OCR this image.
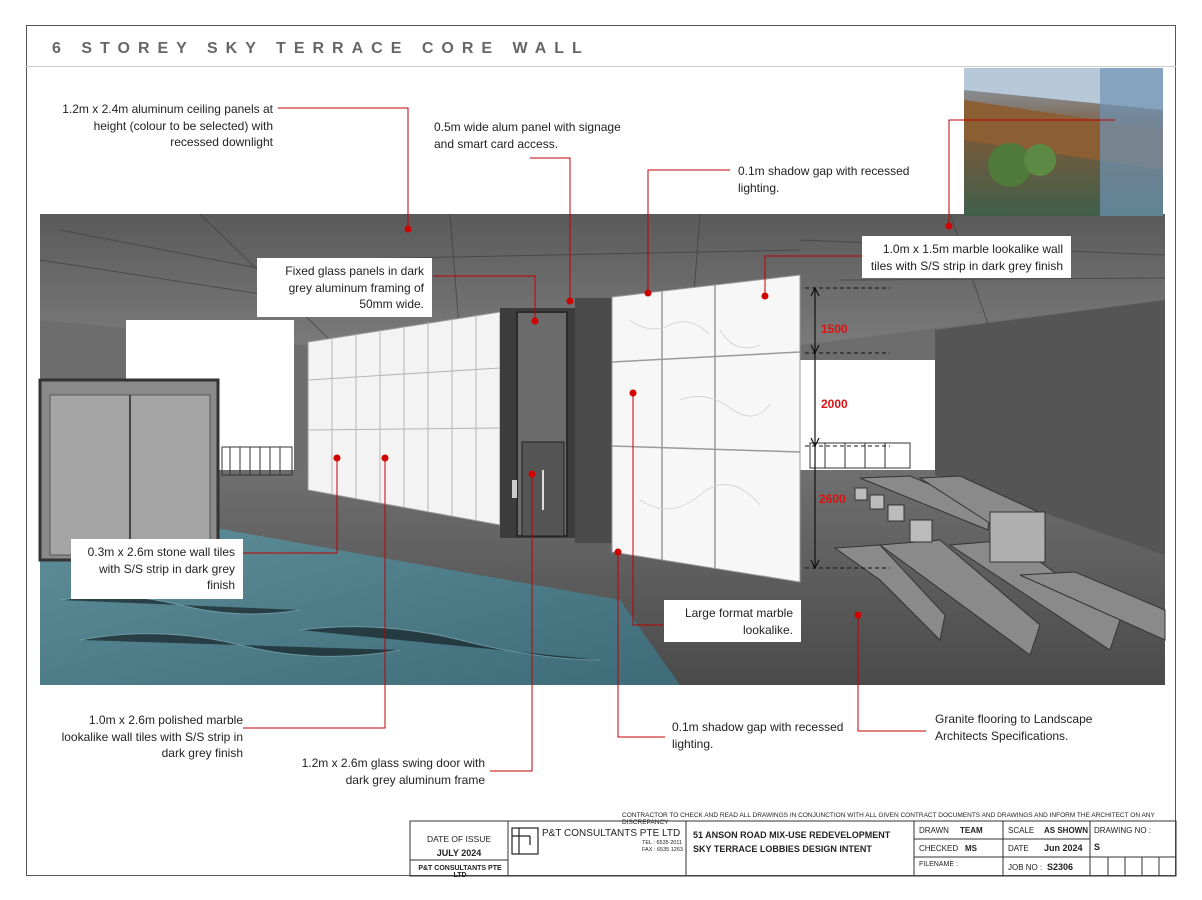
6 STOREY SKY TERRACE CORE WALL
1.2m x 2.4m aluminum ceiling panels at height (colour to be selected) with recessed downlight
0.5m wide alum panel with signage and smart card access.
0.1m shadow gap with recessed lighting.
1.0m x 1.5m marble lookalike wall tiles with S/S strip in dark grey finish
Fixed glass panels in dark grey aluminum framing of 50mm wide.
0.3m x 2.6m stone wall tiles with S/S strip in dark grey finish
Large format marble lookalike.
1.0m x 2.6m polished marble lookalike wall tiles with S/S strip in dark grey finish
1.2m x 2.6m glass swing door with dark grey aluminum frame
0.1m shadow gap with recessed lighting.
Granite flooring to Landscape Architects Specifications.
1500
2000
2600
CONTRACTOR TO CHECK AND READ ALL DRAWINGS IN CONJUNCTION WITH ALL GIVEN CONTRACT DOCUMENTS AND DRAWINGS AND INFORM THE ARCHITECT ON ANY DISCREPANCY
DATE OF ISSUE
JULY 2024
P&T CONSULTANTS PTE LTD
P&T CONSULTANTS PTE LTD
TEL : 6535 2011
FAX : 6535 1263
51 ANSON ROAD MIX-USE REDEVELOPMENT
SKY TERRACE LOBBIES DESIGN INTENT
DRAWN TEAM
CHECKED MS
FILENAME :
SCALE AS SHOWN
DATE Jun 2024
JOB NO : S2306
DRAWING NO :
S
